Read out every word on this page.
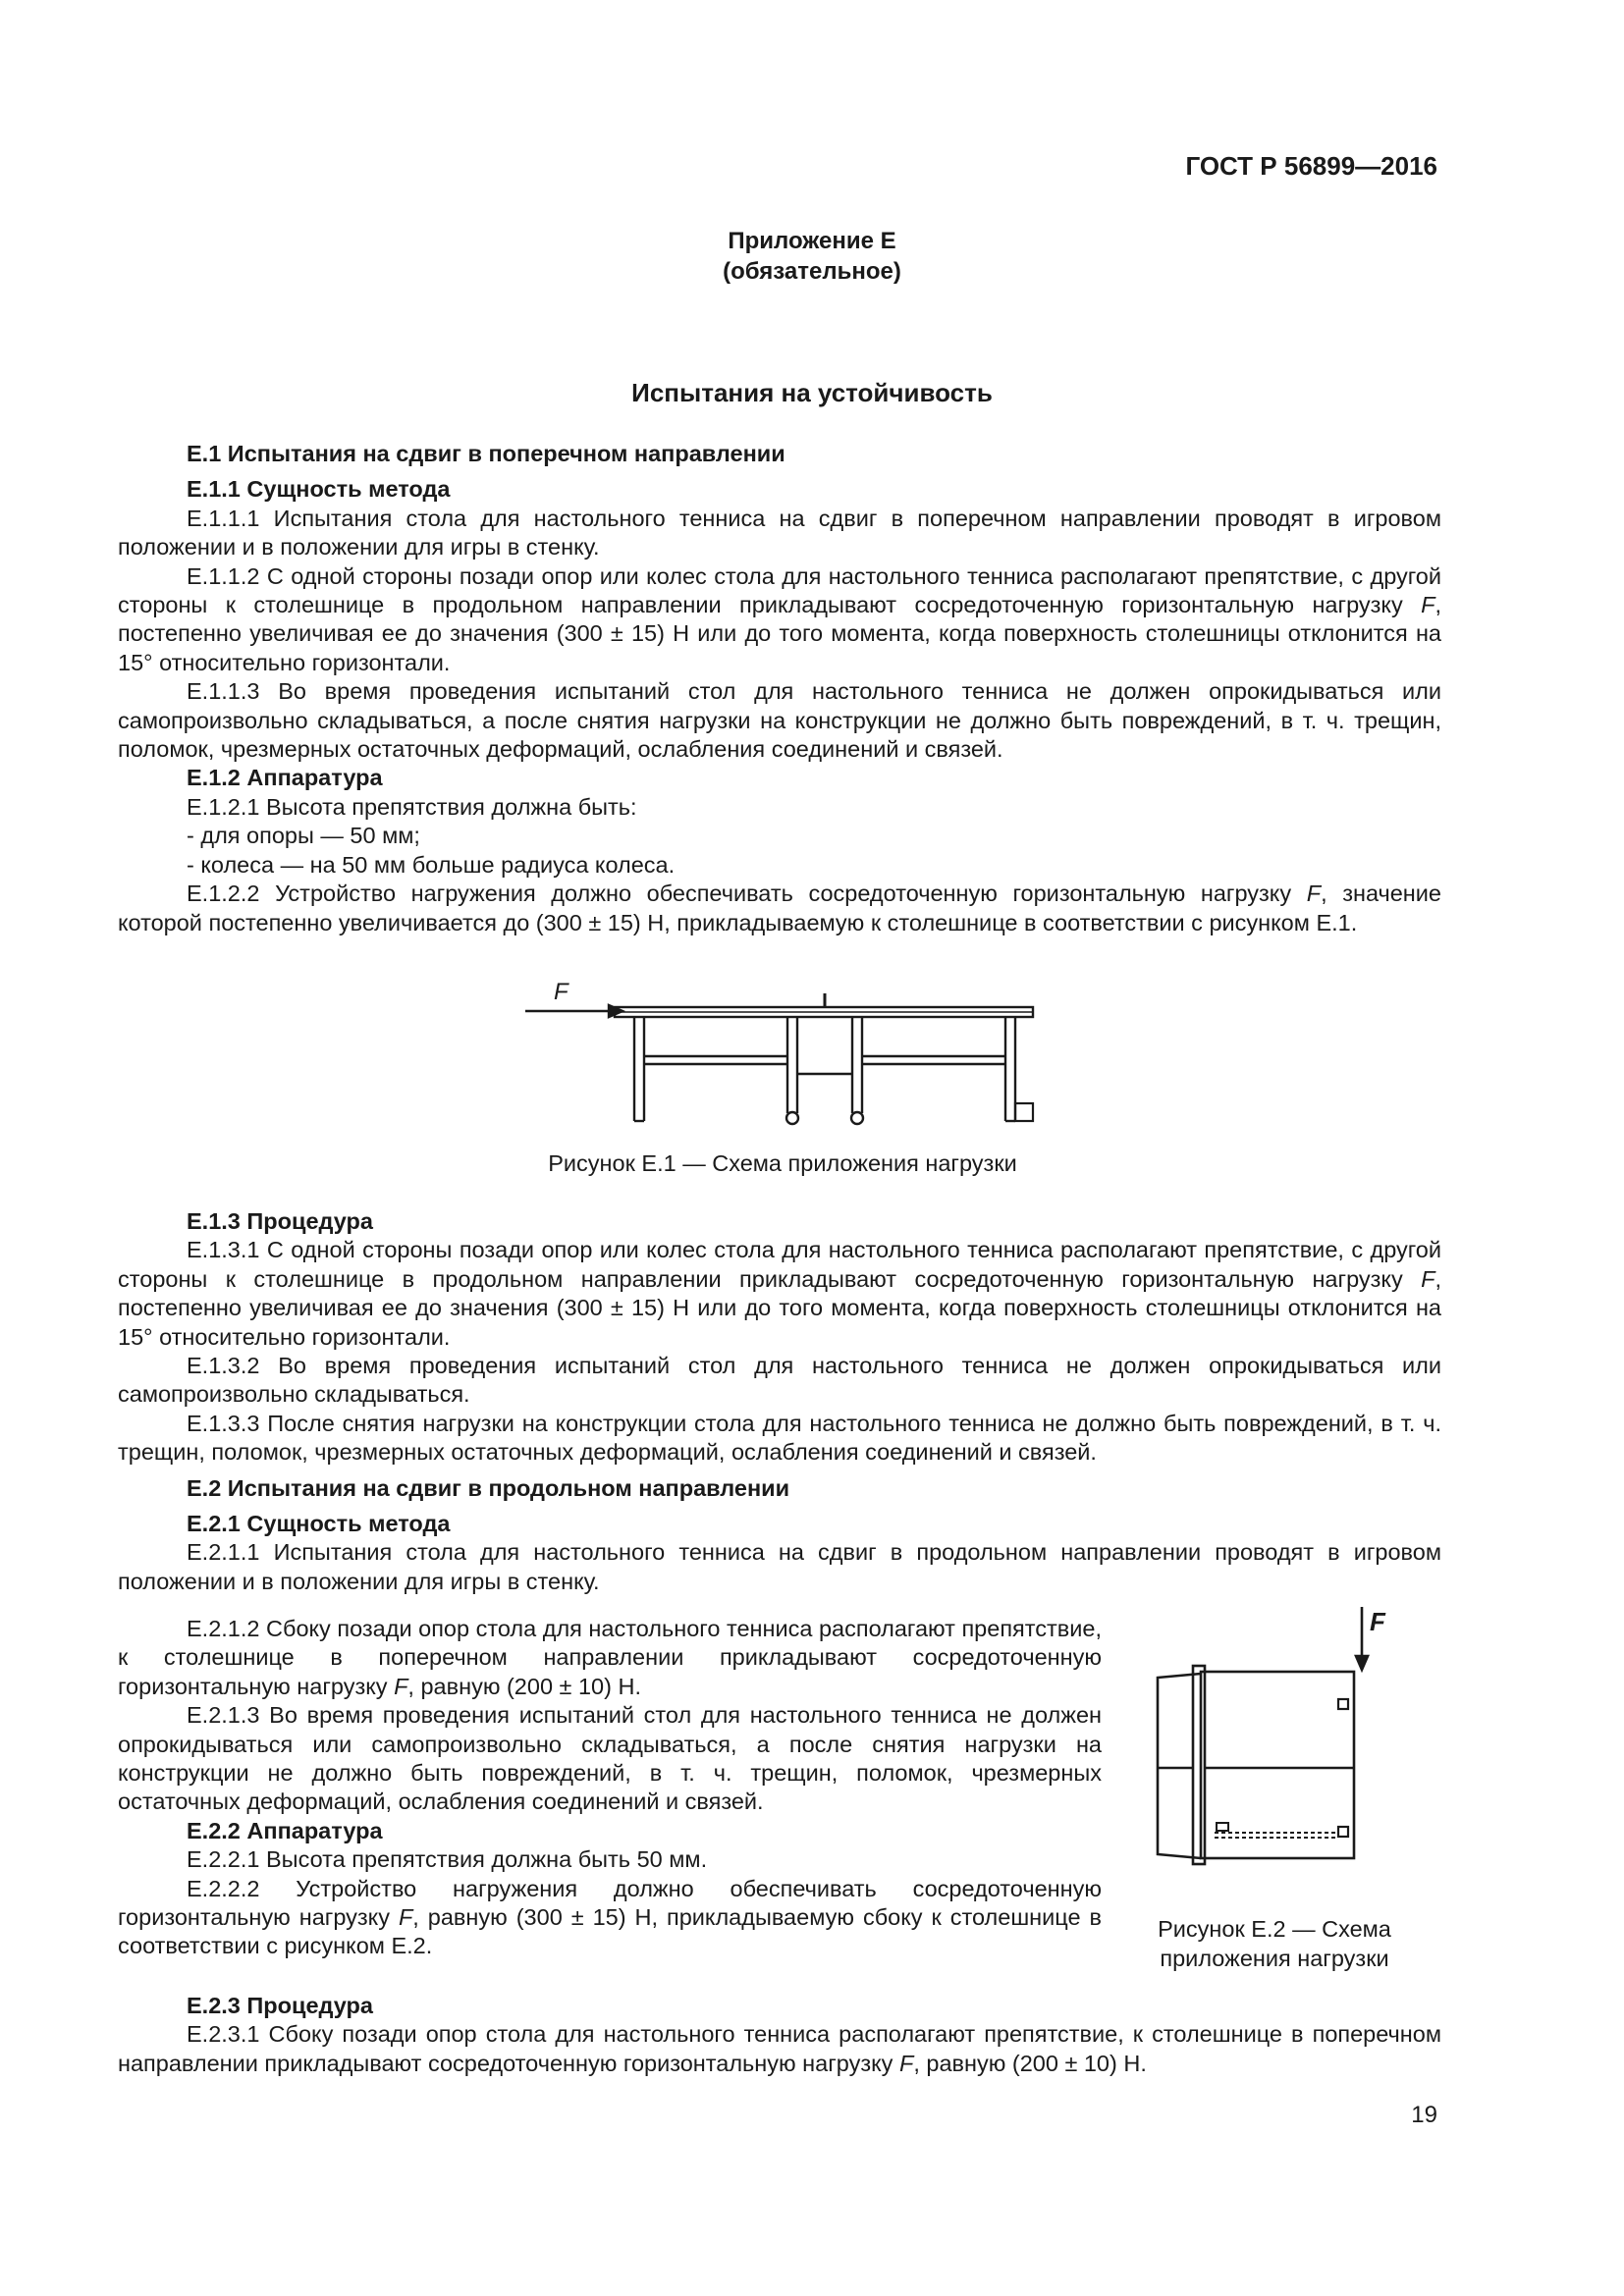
ГОСТ Р 56899—2016
Приложение Е
(обязательное)
Испытания на устойчивость

Е.1 Испытания на сдвиг в поперечном направлении

Е.1.1 Сущность метода

Е.1.1.1 Испытания стола для настольного тенниса на сдвиг в поперечном направлении проводят в игровом положении и в положении для игры в стенку.

Е.1.1.2 С одной стороны позади опор или колес стола для настольного тенниса располагают препятствие, с другой стороны к столешнице в продольном направлении прикладывают сосредоточенную горизонтальную нагрузку F, постепенно увеличивая ее до значения (300 ± 15) Н или до того момента, когда поверхность столешницы отклонится на 15° относительно горизонтали.

Е.1.1.3 Во время проведения испытаний стол для настольного тенниса не должен опрокидываться или самопроизвольно складываться, а после снятия нагрузки на конструкции не должно быть повреждений, в т. ч. трещин, поломок, чрезмерных остаточных деформаций, ослабления соединений и связей.

Е.1.2 Аппаратура

Е.1.2.1 Высота препятствия должна быть:

- для опоры — 50 мм;

- колеса — на 50 мм больше радиуса колеса.

Е.1.2.2 Устройство нагружения должно обеспечивать сосредоточенную горизонтальную нагрузку F, значение которой постепенно увеличивается до (300 ± 15) Н, прикладываемую к столешнице в соответствии с рисунком Е.1.

F
Рисунок Е.1 — Схема приложения нагрузки

Е.1.3 Процедура

Е.1.3.1 С одной стороны позади опор или колес стола для настольного тенниса располагают препятствие, с другой стороны к столешнице в продольном направлении прикладывают сосредоточенную горизонтальную нагрузку F, постепенно увеличивая ее до значения (300 ± 15) Н или до того момента, когда поверхность столешницы отклонится на 15° относительно горизонтали.

Е.1.3.2 Во время проведения испытаний стол для настольного тенниса не должен опрокидываться или самопроизвольно складываться.

Е.1.3.3 После снятия нагрузки на конструкции стола для настольного тенниса не должно быть повреждений, в т. ч. трещин, поломок, чрезмерных остаточных деформаций, ослабления соединений и связей.

Е.2 Испытания на сдвиг в продольном направлении

Е.2.1 Сущность метода

Е.2.1.1 Испытания стола для настольного тенниса на сдвиг в продольном направлении проводят в игровом положении и в положении для игры в стенку.

Е.2.1.2 Сбоку позади опор стола для настольного тенниса располагают препятствие, к столешнице в поперечном направлении прикладывают сосредоточенную горизонтальную нагрузку F, равную (200 ± 10) Н.

Е.2.1.3 Во время проведения испытаний стол для настольного тенниса не должен опрокидываться или самопроизвольно складываться, а после снятия нагрузки на конструкции не должно быть повреждений, в т. ч. трещин, поломок, чрезмерных остаточных деформаций, ослабления соединений и связей.

Е.2.2 Аппаратура

Е.2.2.1 Высота препятствия должна быть 50 мм.

Е.2.2.2 Устройство нагружения должно обеспечивать сосредоточенную горизонтальную нагрузку F, равную (300 ± 15) Н, прикладываемую сбоку к столешнице в соответствии с рисунком Е.2.

F
Рисунок Е.2 — Схема
приложения нагрузки

Е.2.3 Процедура

Е.2.3.1 Сбоку позади опор стола для настольного тенниса располагают препятствие, к столешнице в поперечном направлении прикладывают сосредоточенную горизонтальную нагрузку F, равную (200 ± 10) Н.

19
